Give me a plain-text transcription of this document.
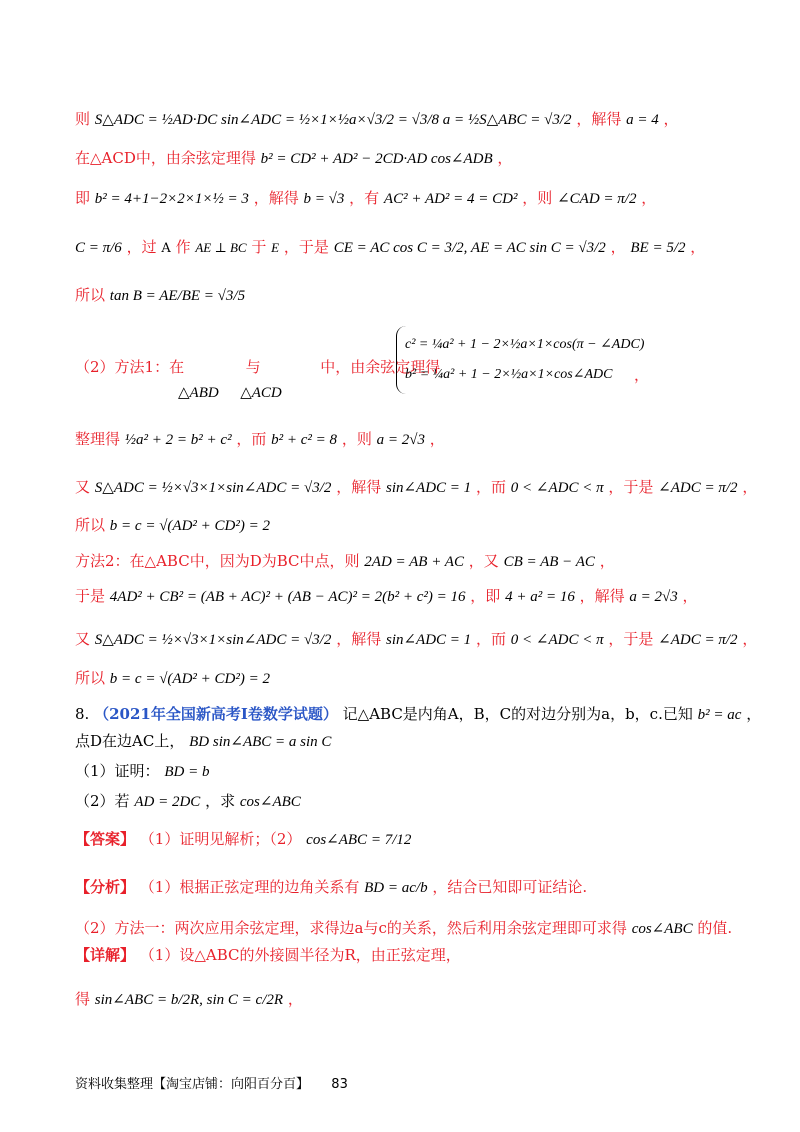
则 S△ADC = ½AD·DC sin∠ADC = ½×1×½a×√3/2 = √3/8 a = ½S△ABC = √3/2 ，解得 a = 4 ，
在△ACD中，由余弦定理得 b² = CD² + AD² − 2CD·AD cos∠ADB ，
即 b² = 4+1−2×2×1×½ = 3 ，解得 b = √3 ，有 AC² + AD² = 4 = CD² ，则 ∠CAD = π/2 ，
C = π/6 ，过 A 作 AE ⊥ BC 于 E ，于是 CE = AC cos C = 3/2, AE = AC sin C = √3/2 ， BE = 5/2 ，
所以 tan B = AE/BE = √3/5
（2）方法1：在	与	中，由余弦定理得
△ABD △ACD
c² = ¼a² + 1 − 2×½a×1×cos(π − ∠ADC)
b² = ¼a² + 1 − 2×½a×1×cos∠ADC	，
整理得 ½a² + 2 = b² + c² ，而 b² + c² = 8 ，则 a = 2√3 ，
又 S△ADC = ½×√3×1×sin∠ADC = √3/2 ，解得 sin∠ADC = 1 ，而 0 < ∠ADC < π ，于是 ∠ADC = π/2 ，
所以 b = c = √(AD² + CD²) = 2
方法2：在△ABC中，因为D为BC中点，则 2AD = AB + AC ，又 CB = AB − AC ，
于是 4AD² + CB² = (AB + AC)² + (AB − AC)² = 2(b² + c²) = 16 ，即 4 + a² = 16 ，解得 a = 2√3 ，
又 S△ADC = ½×√3×1×sin∠ADC = √3/2 ，解得 sin∠ADC = 1 ，而 0 < ∠ADC < π ，于是 ∠ADC = π/2 ，
所以 b = c = √(AD² + CD²) = 2
8. （2021年全国新高考Ⅰ卷数学试题） 记△ABC是内角A，B，C的对边分别为a，b，c.已知 b² = ac ，
点D在边AC上， BD sin∠ABC = a sin C
（1）证明： BD = b
（2）若 AD = 2DC ，求 cos∠ABC
【答案】 （1）证明见解析；（2） cos∠ABC = 7/12
【分析】 （1）根据正弦定理的边角关系有 BD = ac/b ，结合已知即可证结论.
（2）方法一：两次应用余弦定理，求得边a与c的关系，然后利用余弦定理即可求得 cos∠ABC 的值.
【详解】 （1）设△ABC的外接圆半径为R，由正弦定理，
得 sin∠ABC = b/2R, sin C = c/2R ，
资料收集整理【淘宝店铺：向阳百分百】 83
